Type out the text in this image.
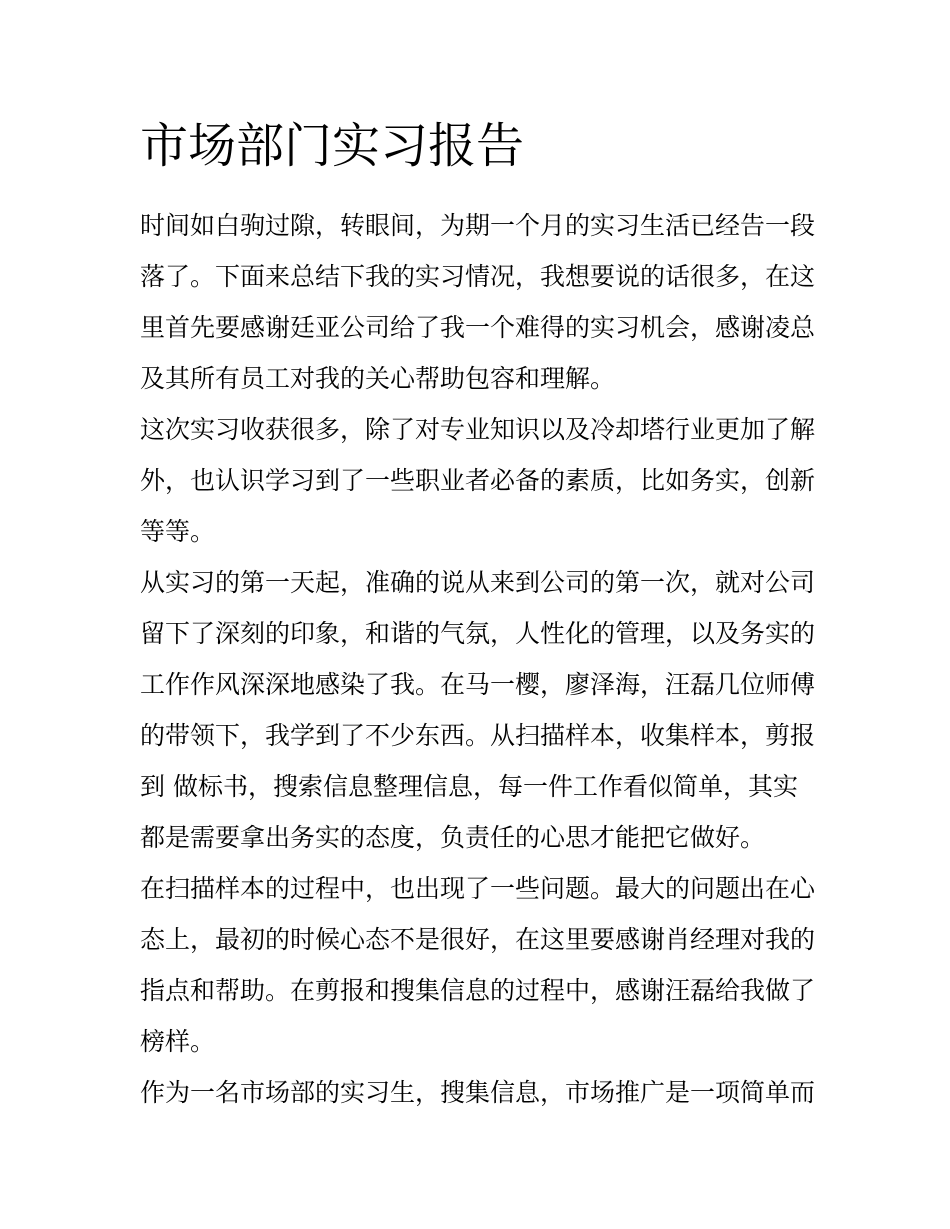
市场部门实习报告

时间如白驹过隙，转眼间，为期一个月的实习生活已经告一段
落了。下面来总结下我的实习情况，我想要说的话很多，在这
里首先要感谢廷亚公司给了我一个难得的实习机会，感谢凌总
及其所有员工对我的关心帮助包容和理解。

这次实习收获很多，除了对专业知识以及冷却塔行业更加了解
外，也认识学习到了一些职业者必备的素质，比如务实，创新
等等。

从实习的第一天起，准确的说从来到公司的第一次，就对公司
留下了深刻的印象，和谐的气氛，人性化的管理，以及务实的
工作作风深深地感染了我。在马一樱，廖泽海，汪磊几位师傅
的带领下，我学到了不少东西。从扫描样本，收集样本，剪报
到 做标书，搜索信息整理信息，每一件工作看似简单，其实
都是需要拿出务实的态度，负责任的心思才能把它做好。

在扫描样本的过程中，也出现了一些问题。最大的问题出在心
态上，最初的时候心态不是很好，在这里要感谢肖经理对我的
指点和帮助。在剪报和搜集信息的过程中，感谢汪磊给我做了
榜样。

作为一名市场部的实习生，搜集信息，市场推广是一项简单而
